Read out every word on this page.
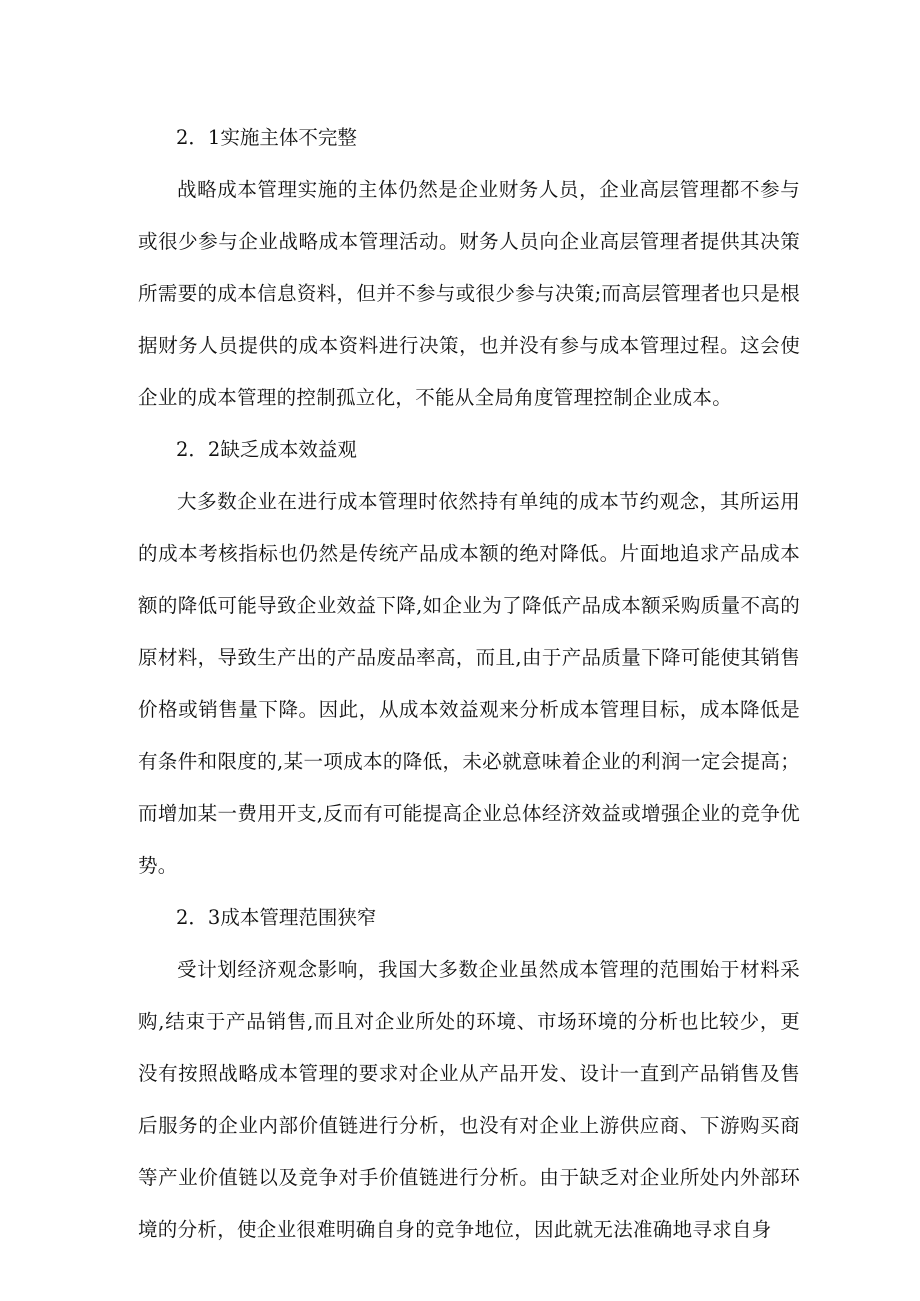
2．1实施主体不完整

战略成本管理实施的主体仍然是企业财务人员，企业高层管理都不参与或很少参与企业战略成本管理活动。财务人员向企业高层管理者提供其决策所需要的成本信息资料，但并不参与或很少参与决策;而高层管理者也只是根据财务人员提供的成本资料进行决策，也并没有参与成本管理过程。这会使企业的成本管理的控制孤立化，不能从全局角度管理控制企业成本。

2．2缺乏成本效益观

大多数企业在进行成本管理时依然持有单纯的成本节约观念，其所运用的成本考核指标也仍然是传统产品成本额的绝对降低。片面地追求产品成本额的降低可能导致企业效益下降,如企业为了降低产品成本额采购质量不高的原材料，导致生产出的产品废品率高，而且,由于产品质量下降可能使其销售价格或销售量下降。因此，从成本效益观来分析成本管理目标，成本降低是有条件和限度的,某一项成本的降低，未必就意味着企业的利润一定会提高；而增加某一费用开支,反而有可能提高企业总体经济效益或增强企业的竞争优势。

2．3成本管理范围狭窄

受计划经济观念影响，我国大多数企业虽然成本管理的范围始于材料采购,结束于产品销售,而且对企业所处的环境、市场环境的分析也比较少，更没有按照战略成本管理的要求对企业从产品开发、设计一直到产品销售及售后服务的企业内部价值链进行分析，也没有对企业上游供应商、下游购买商等产业价值链以及竞争对手价值链进行分析。由于缺乏对企业所处内外部环境的分析，使企业很难明确自身的竞争地位，因此就无法准确地寻求自身
